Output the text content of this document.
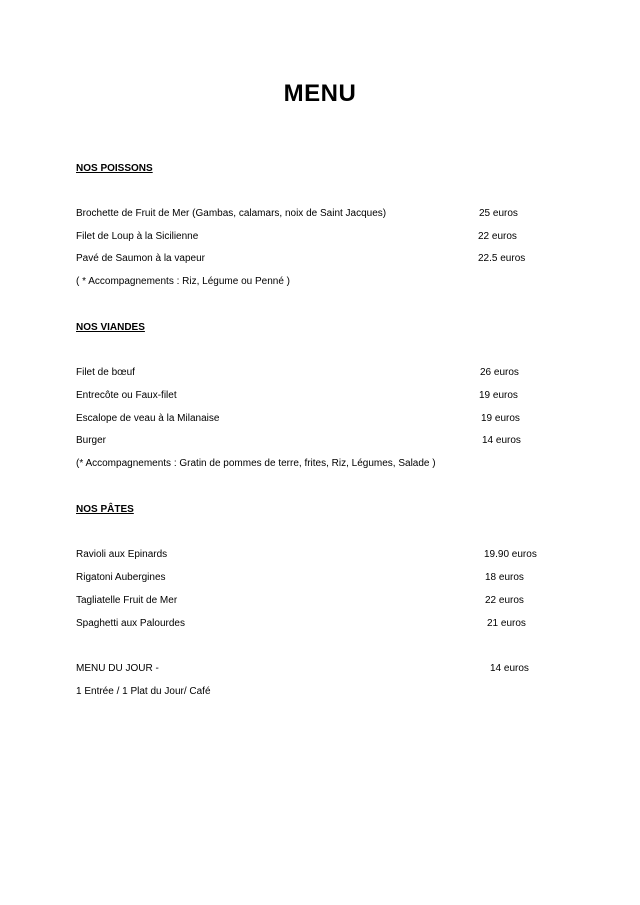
MENU
NOS POISSONS
Brochette de Fruit de Mer (Gambas, calamars, noix de Saint Jacques)	25 euros
Filet de Loup à la Sicilienne	22 euros
Pavé de Saumon à la vapeur	22.5 euros
( * Accompagnements : Riz, Légume ou Penné )
NOS VIANDES
Filet de bœuf	26 euros
Entrecôte ou Faux-filet	19 euros
Escalope de veau à la Milanaise	19 euros
Burger	14 euros
(* Accompagnements : Gratin de pommes de terre, frites, Riz, Légumes, Salade )
NOS PÂTES
Ravioli aux Epinards	19.90 euros
Rigatoni Aubergines	18 euros
Tagliatelle Fruit de Mer	22 euros
Spaghetti aux Palourdes	21 euros
MENU DU JOUR -	14 euros
1 Entrée / 1 Plat du Jour/ Café
